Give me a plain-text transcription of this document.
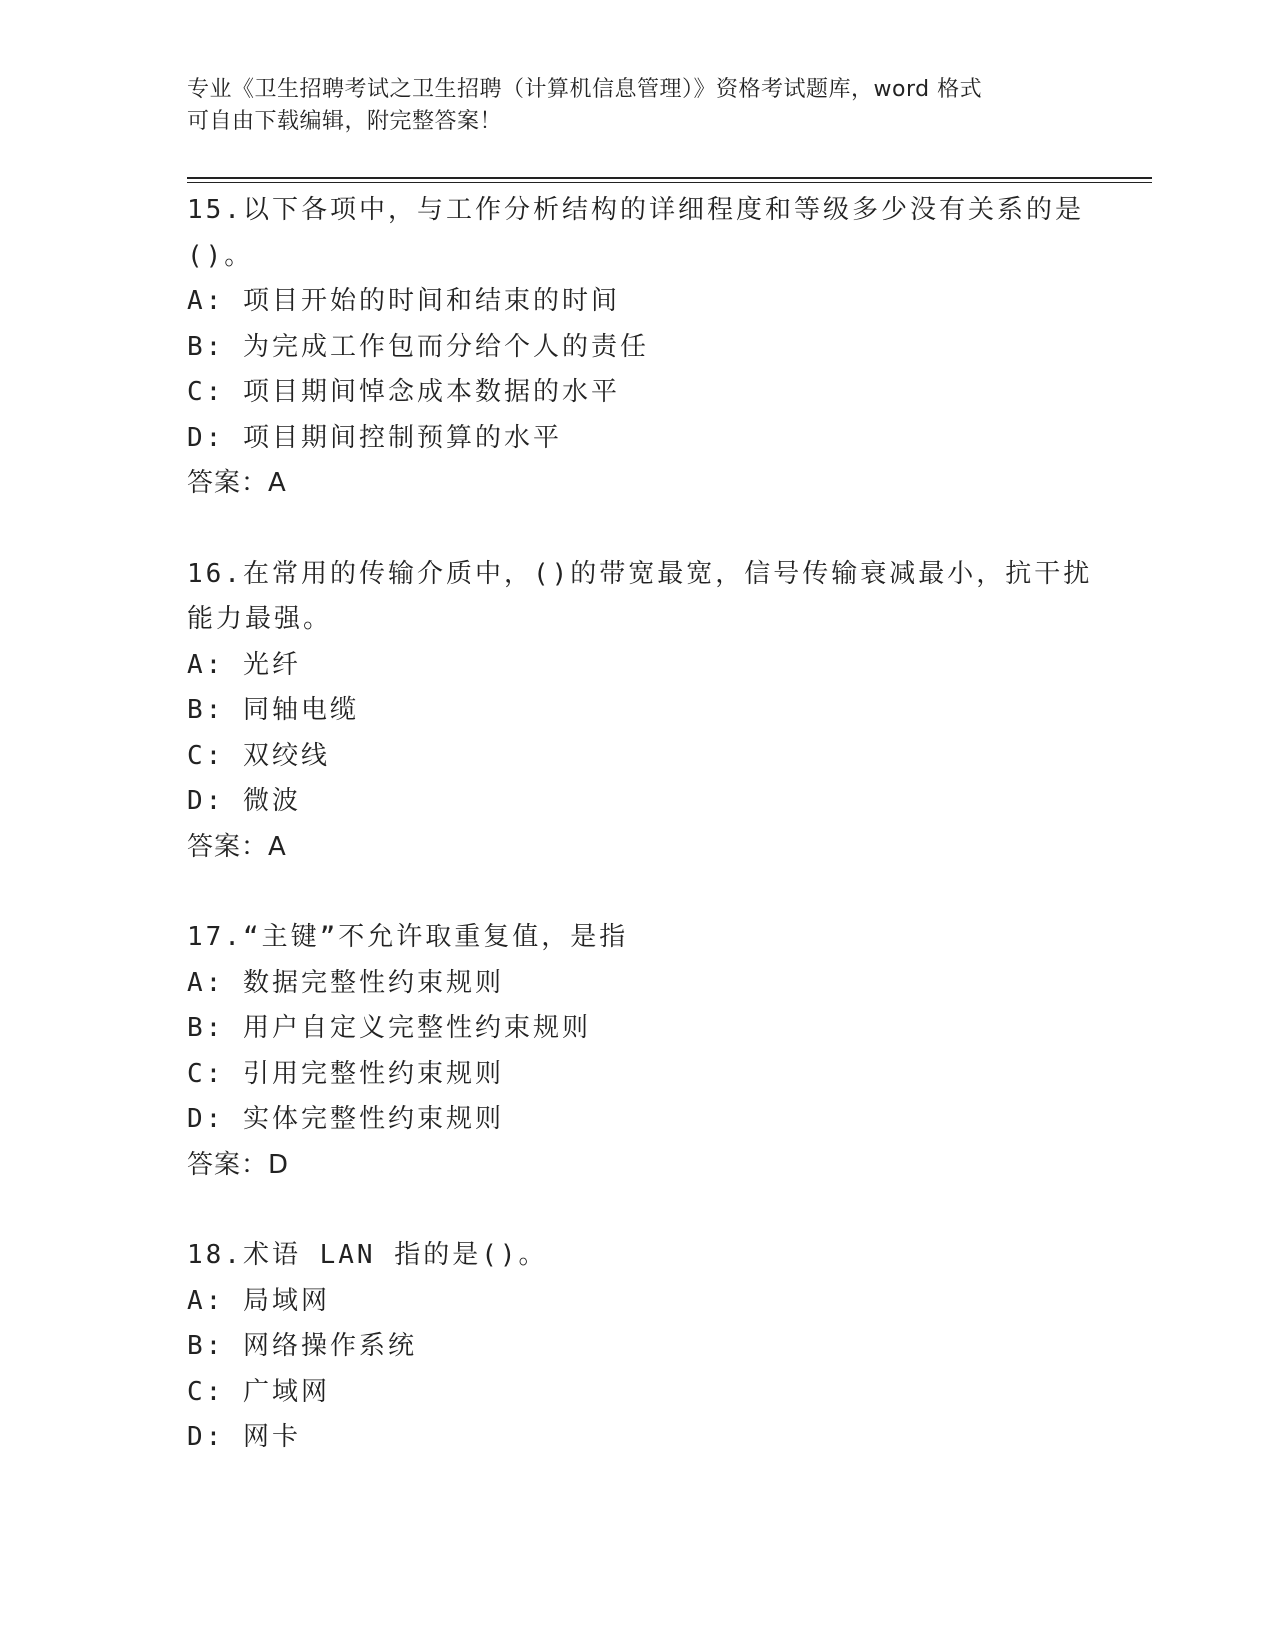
专业《卫生招聘考试之卫生招聘（计算机信息管理）》资格考试题库，word 格式
可自由下载编辑，附完整答案！
15.以下各项中，与工作分析结构的详细程度和等级多少没有关系的是
()。
A: 项目开始的时间和结束的时间
B: 为完成工作包而分给个人的责任
C: 项目期间悼念成本数据的水平
D: 项目期间控制预算的水平
答案：A
16.在常用的传输介质中，()的带宽最宽，信号传输衰减最小，抗干扰
能力最强。
A: 光纤
B: 同轴电缆
C: 双绞线
D: 微波
答案：A
17.“主键”不允许取重复值，是指
A: 数据完整性约束规则
B: 用户自定义完整性约束规则
C: 引用完整性约束规则
D: 实体完整性约束规则
答案：D
18.术语 LAN 指的是()。
A: 局域网
B: 网络操作系统
C: 广域网
D: 网卡
